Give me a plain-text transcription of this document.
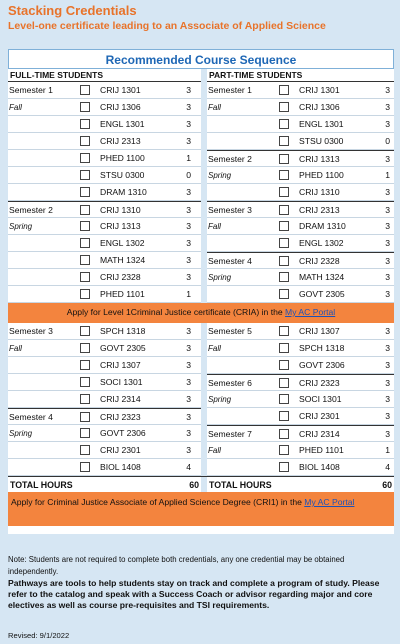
Stacking Credentials
Level-one certificate leading to an Associate of Applied Science
Recommended Course Sequence
FULL-TIME STUDENTS
Semester 1	CRIJ 1301	3
Fall	CRIJ 1306	3
ENGL 1301	3
CRIJ 2313	3
PHED 1100	1
STSU 0300	0
DRAM 1310	3
Semester 2	CRIJ 1310	3
Spring	CRIJ 1313	3
ENGL 1302	3
MATH 1324	3
CRIJ 2328	3
PHED 1101	1
PART-TIME STUDENTS
Semester 1	CRIJ 1301	3
Fall	CRIJ 1306	3
ENGL 1301	3
STSU 0300	0
Semester 2	CRIJ 1313	3
Spring	PHED 1100	1
CRIJ 1310	3
Semester 3	CRIJ 2313	3
Fall	DRAM 1310	3
ENGL 1302	3
Semester 4	CRIJ 2328	3
Spring	MATH 1324	3
GOVT 2305	3
Apply for Level 1Criminal Justice certificate (CRIA) in the My AC Portal
Semester 3	SPCH 1318	3
Fall	GOVT 2305	3
CRIJ 1307	3
SOCI 1301	3
CRIJ 2314	3
Semester 4	CRIJ 2323	3
Spring	GOVT 2306	3
CRIJ 2301	3
BIOL 1408	4
Semester 5	CRIJ 1307	3
Fall	SPCH 1318	3
GOVT 2306	3
Semester 6	CRIJ 2323	3
Spring	SOCI 1301	3
CRIJ 2301	3
Semester 7	CRIJ 2314	3
Fall	PHED 1101	1
BIOL 1408	4
TOTAL HOURS	60 TOTAL HOURS	60
Apply for Criminal Justice Associate of Applied Science Degree (CRI1) in the My AC Portal
Note: Students are not required to complete both credentials, any one credential may be obtained independently.
Pathways are tools to help students stay on track and complete a program of study. Please refer to the catalog and speak with a Success Coach or advisor regarding major and core electives as well as course pre-requisites and TSI requirements.
Revised: 9/1/2022
